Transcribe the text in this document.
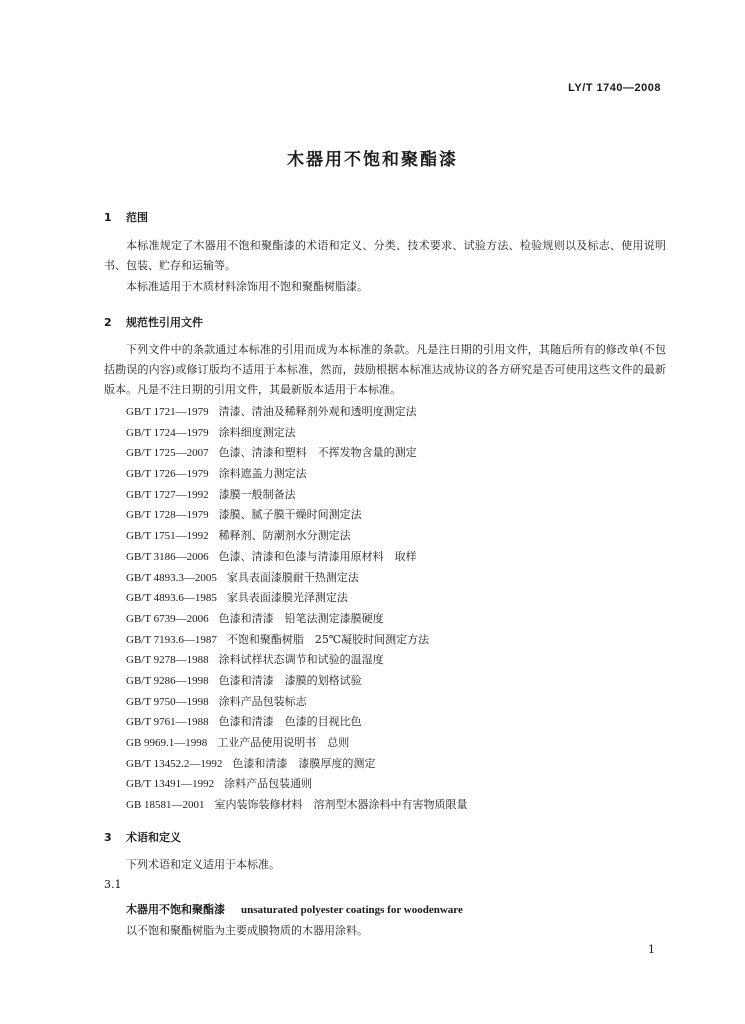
LY/T 1740—2008
木器用不饱和聚酯漆
1 范围
本标准规定了木器用不饱和聚酯漆的术语和定义、分类、技术要求、试验方法、检验规则以及标志、使用说明书、包装、贮存和运输等。
本标准适用于木质材料涂饰用不饱和聚酯树脂漆。
2 规范性引用文件
下列文件中的条款通过本标准的引用而成为本标准的条款。凡是注日期的引用文件，其随后所有的修改单(不包括勘误的内容)或修订版均不适用于本标准，然而，鼓励根据本标准达成协议的各方研究是否可使用这些文件的最新版本。凡是不注日期的引用文件，其最新版本适用于本标准。
GB/T 1721—1979 清漆、清油及稀释剂外观和透明度测定法
GB/T 1724—1979 涂料细度测定法
GB/T 1725—2007 色漆、清漆和塑料　不挥发物含量的测定
GB/T 1726—1979 涂料遮盖力测定法
GB/T 1727—1992 漆膜一般制备法
GB/T 1728—1979 漆膜、腻子膜干燥时间测定法
GB/T 1751—1992 稀释剂、防潮剂水分测定法
GB/T 3186—2006 色漆、清漆和色漆与清漆用原材料　取样
GB/T 4893.3—2005 家具表面漆膜耐干热测定法
GB/T 4893.6—1985 家具表面漆膜光泽测定法
GB/T 6739—2006 色漆和清漆　铅笔法测定漆膜硬度
GB/T 7193.6—1987 不饱和聚酯树脂　25℃凝胶时间测定方法
GB/T 9278—1988 涂料试样状态调节和试验的温湿度
GB/T 9286—1998 色漆和清漆　漆膜的划格试验
GB/T 9750—1998 涂料产品包装标志
GB/T 9761—1988 色漆和清漆　色漆的目视比色
GB 9969.1—1998 工业产品使用说明书　总则
GB/T 13452.2—1992 色漆和清漆　漆膜厚度的测定
GB/T 13491—1992 涂料产品包装通则
GB 18581—2001 室内装饰装修材料　溶剂型木器涂料中有害物质限量
3 术语和定义
下列术语和定义适用于本标准。
3.1
木器用不饱和聚酯漆 unsaturated polyester coatings for woodenware
以不饱和聚酯树脂为主要成膜物质的木器用涂料。
1
